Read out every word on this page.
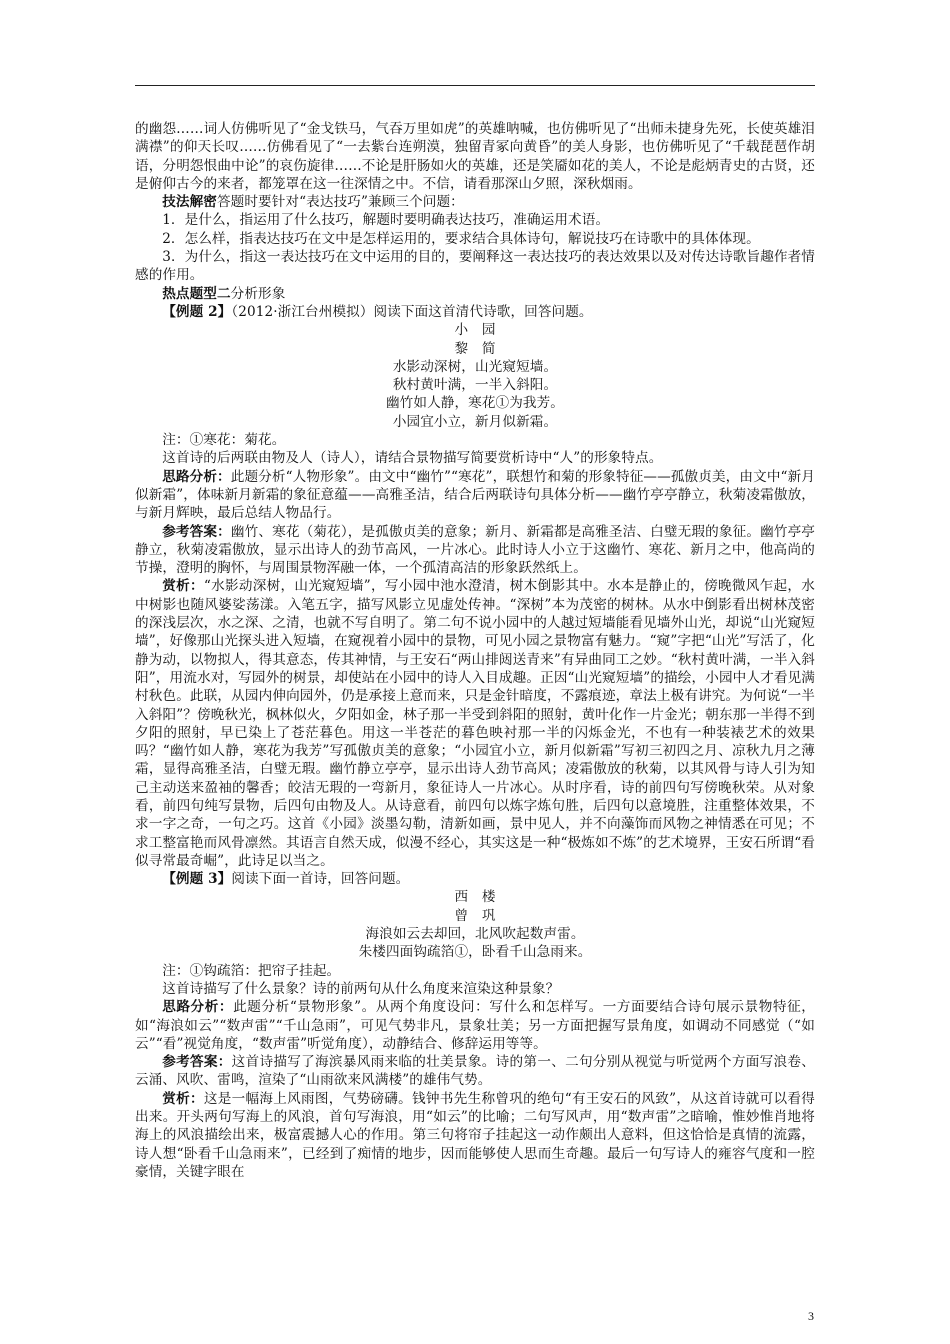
的幽怨……词人仿佛听见了“金戈铁马，气吞万里如虎”的英雄呐喊，也仿佛听见了“出师未捷身先死，长使英雄泪满襟”的仰天长叹……仿佛看见了“一去紫台连朔漠，独留青冢向黄昏”的美人身影，也仿佛听见了“千载琵琶作胡语，分明怨恨曲中论”的哀伤旋律……不论是肝肠如火的英雄，还是笑靥如花的美人，不论是彪炳青史的古贤，还是俯仰古今的来者，都笼罩在这一往深情之中。不信，请看那深山夕照，深秋烟雨。

技法解密答题时要针对“表达技巧”兼顾三个问题：

1．是什么，指运用了什么技巧，解题时要明确表达技巧，准确运用术语。

2．怎么样，指表达技巧在文中是怎样运用的，要求结合具体诗句，解说技巧在诗歌中的具体体现。

3．为什么，指这一表达技巧在文中运用的目的，要阐释这一表达技巧的表达效果以及对传达诗歌旨趣作者情感的作用。

热点题型二分析形象

【例题 2】（2012·浙江台州模拟）阅读下面这首清代诗歌，回答问题。

小　园

黎　简

水影动深树，山光窥短墙。

秋村黄叶满，一半入斜阳。

幽竹如人静，寒花①为我芳。

小园宜小立，新月似新霜。

注：①寒花：菊花。

这首诗的后两联由物及人（诗人），请结合景物描写简要赏析诗中“人”的形象特点。

思路分析：此题分析“人物形象”。由文中“幽竹”“寒花”，联想竹和菊的形象特征——孤傲贞美，由文中“新月似新霜”，体味新月新霜的象征意蕴——高雅圣洁，结合后两联诗句具体分析——幽竹亭亭静立，秋菊凌霜傲放，与新月辉映，最后总结人物品行。

参考答案：幽竹、寒花（菊花），是孤傲贞美的意象；新月、新霜都是高雅圣洁、白璧无瑕的象征。幽竹亭亭静立，秋菊凌霜傲放，显示出诗人的劲节高风，一片冰心。此时诗人小立于这幽竹、寒花、新月之中，他高尚的节操，澄明的胸怀，与周围景物浑融一体，一个孤清高洁的形象跃然纸上。

赏析：“水影动深树，山光窥短墙”，写小园中池水澄清，树木倒影其中。水本是静止的，傍晚微风乍起，水中树影也随风婆娑荡漾。入笔五字，描写风影立见虚处传神。“深树”本为茂密的树林。从水中倒影看出树林茂密的深浅层次，水之深、之清，也就不写自明了。第二句不说小园中的人越过短墙能看见墙外山光，却说“山光窥短墙”，好像那山光探头进入短墙，在窥视着小园中的景物，可见小园之景物富有魅力。“窥”字把“山光”写活了，化静为动，以物拟人，得其意态，传其神情，与王安石“两山排闼送青来”有异曲同工之妙。“秋村黄叶满，一半入斜阳”，用流水对，写园外的树景，却使站在小园中的诗人入目成趣。正因“山光窥短墙”的描绘，小园中人才看见满村秋色。此联，从园内伸向园外，仍是承接上意而来，只是金针暗度，不露痕迹，章法上极有讲究。为何说“一半入斜阳”？傍晚秋光，枫林似火，夕阳如金，林子那一半受到斜阳的照射，黄叶化作一片金光；朝东那一半得不到夕阳的照射，早已染上了苍茫暮色。用这一半苍茫的暮色映衬那一半的闪烁金光，不也有一种装裱艺术的效果吗？“幽竹如人静，寒花为我芳”写孤傲贞美的意象；“小园宜小立，新月似新霜”写初三初四之月、凉秋九月之薄霜，显得高雅圣洁，白璧无瑕。幽竹静立亭亭，显示出诗人劲节高风；凌霜傲放的秋菊，以其风骨与诗人引为知己主动送来盈袖的馨香；皎洁无瑕的一弯新月，象征诗人一片冰心。从时序看，诗的前四句写傍晚秋荣。从对象看，前四句纯写景物，后四句由物及人。从诗意看，前四句以炼字炼句胜，后四句以意境胜，注重整体效果，不求一字之奇，一句之巧。这首《小园》淡墨勾勒，清新如画，景中见人，并不向藻饰而风物之神情悉在可见；不求工整富艳而风骨凛然。其语言自然天成，似漫不经心，其实这是一种“极炼如不炼”的艺术境界，王安石所谓“看似寻常最奇崛”，此诗足以当之。

【例题 3】阅读下面一首诗，回答问题。

西　楼

曾　巩

海浪如云去却回，北风吹起数声雷。

朱楼四面钩疏箔①，卧看千山急雨来。

注：①钩疏箔：把帘子挂起。

这首诗描写了什么景象？诗的前两句从什么角度来渲染这种景象？

思路分析：此题分析“景物形象”。从两个角度设问：写什么和怎样写。一方面要结合诗句展示景物特征，如“海浪如云”“数声雷”“千山急雨”，可见气势非凡，景象壮美；另一方面把握写景角度，如调动不同感觉（“如云”“看”视觉角度，“数声雷”听觉角度），动静结合、修辞运用等等。

参考答案：这首诗描写了海滨暴风雨来临的壮美景象。诗的第一、二句分别从视觉与听觉两个方面写浪卷、云涌、风吹、雷鸣，渲染了“山雨欲来风满楼”的雄伟气势。

赏析：这是一幅海上风雨图，气势磅礴。钱钟书先生称曾巩的绝句“有王安石的风致”，从这首诗就可以看得出来。开头两句写海上的风浪，首句写海浪，用“如云”的比喻；二句写风声，用“数声雷”之暗喻，惟妙惟肖地将海上的风浪描绘出来，极富震撼人心的作用。第三句将帘子挂起这一动作颇出人意料，但这恰恰是真情的流露，诗人想“卧看千山急雨来”，已经到了痴情的地步，因而能够使人思而生奇趣。最后一句写诗人的雍容气度和一腔豪情，关键字眼在

3
